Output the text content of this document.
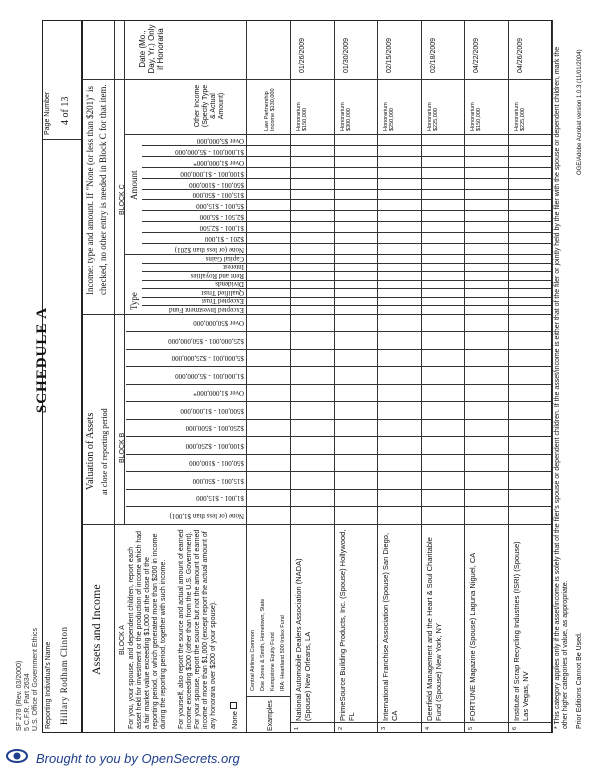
SF 278 (Rev. 03/2000) 5 C.F.R. Part 2634 U.S. Office of Government Ethics Reporting Individual's Name Hillary Rodham Clinton
SCHEDULE A
Page Number 4 of 13
Assets and Income
Valuation of Assets at close of reporting period
Income: type and amount. If "None (or less than $201)" is checked, no other entry is needed in Block C for that item.
BLOCK A
BLOCK B
BLOCK C
Type
Amount
For you, your spouse, and dependent children, report each asset held for investment or the production of income which had a fair market value exceeding $1,000 at the close of the reporting period, or which generated more than $200 in income during the reporting period, together with such income. For yourself, also report the source and actual amount of earned income exceeding $200 (other than from the U.S. Government). For your spouse, report the source but not the amount of earned income of more than $1,000 (except report the actual amount of any honoraria over $200 of your spouse). None
None (or less than $1,001)
$1,001 - $15,000
$15,001 - $50,000
$50,001 - $100,000
$100,001 - $250,000
$250,001 - $500,000
$500,001 - $1,000,000
Over $1,000,000*
$1,000,001 - $5,000,000
$5,000,001 - $25,000,000
$25,000,001 - $50,000,000
Over $50,000,000
Excepted Investment Fund
Excepted Trust
Qualified Trust
Dividends
Rent and Royalties
Interest
Capital Gains
None (or less than $201)
$201 - $1,000
$1,001 - $2,500
$2,501 - $5,000
$5,001 - $15,000
$15,001 - $50,000
$50,001 - $100,000
$100,001 - $1,000,000
Over $1,000,000*
$1,000,001 - $5,000,000
Over $5,000,000
Other Income (Specify Type & Actual Amount)
Date (Mo., Day, Yr.) Only if Honoraria
Examples
Central Airlines Common Doe Jones & Smith, Hometown, State Kempstone Equity Fund IRA: Heartland 500 Index Fund
Law Partnership Income $130,000
1
National Automobile Dealers Association (NADA) (Spouse) New Orleans, LA
Honorarium $150,000
01/26/2009
2
PrimeSource Building Products, Inc. (Spouse) Hollywood, FL
Honorarium $300,000
01/30/2009
3
International Franchise Association (Spouse) San Diego, CA
Honorarium $250,000
02/15/2009
4
Deerfield Management and the Heart & Soul Charitable Fund (Spouse) New York, NY
Honorarium $225,000
02/18/2009
5
FORTUNE Magazine (Spouse) Laguna Niguel, CA
Honorarium $150,000
04/22/2009
6
Institute of Scrap Recycling Industries (ISRI) (Spouse) Las Vegas, NV
Honorarium $225,000
04/26/2009	* This category applies only if the asset/income is solely that of the filer's spouse or dependent children. If the asset/income is either that of the filer or jointly held by the filer with the spouse or dependent children, mark the other higher categories of value, as appropriate. Prior Editions Cannot Be Used.
OGE/Adobe Acrobat version 1.0.3 (11/01/2004)
Brought to you by OpenSecrets.org
